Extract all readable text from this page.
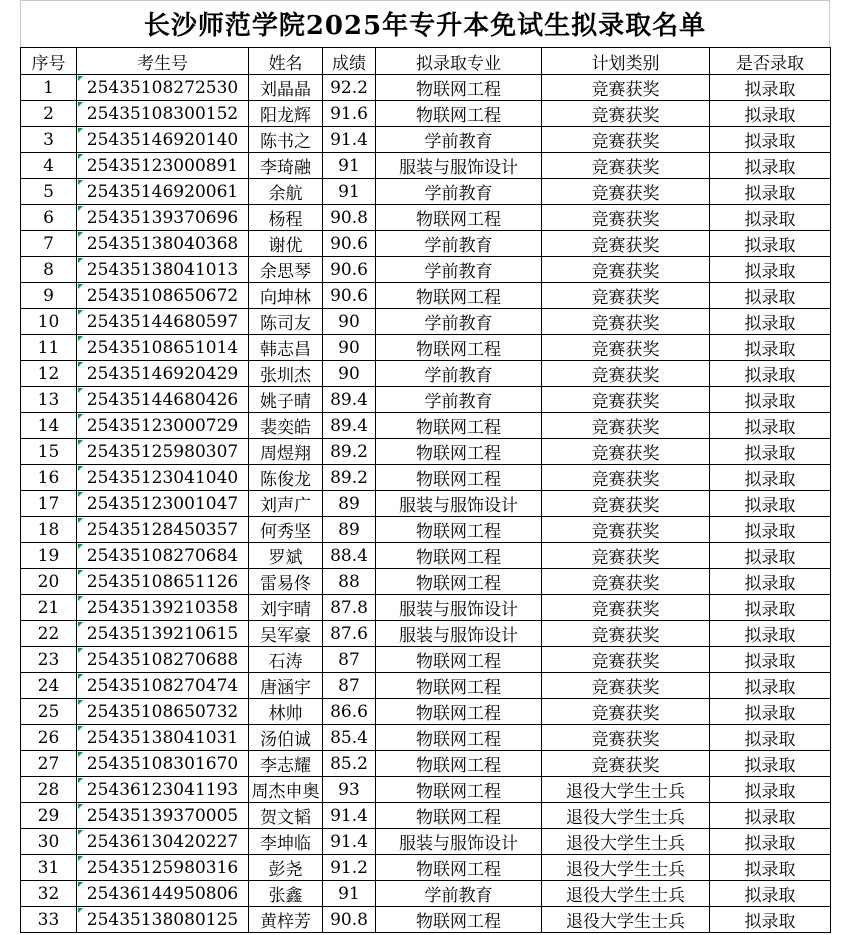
长沙师范学院2025年专升本免试生拟录取名单
序号	考生号	姓名	成绩	拟录取专业	计划类别	是否录取
1	25435108272530	刘晶晶	92.2	物联网工程	竞赛获奖	拟录取
2	25435108300152	阳龙辉	91.6	物联网工程	竞赛获奖	拟录取
3	25435146920140	陈书之	91.4	学前教育	竞赛获奖	拟录取
4	25435123000891	李琦融	91	服装与服饰设计	竞赛获奖	拟录取
5	25435146920061	余航	91	学前教育	竞赛获奖	拟录取
6	25435139370696	杨程	90.8	物联网工程	竞赛获奖	拟录取
7	25435138040368	谢优	90.6	学前教育	竞赛获奖	拟录取
8	25435138041013	余思琴	90.6	学前教育	竞赛获奖	拟录取
9	25435108650672	向坤林	90.6	物联网工程	竞赛获奖	拟录取
10	25435144680597	陈司友	90	学前教育	竞赛获奖	拟录取
11	25435108651014	韩志昌	90	物联网工程	竞赛获奖	拟录取
12	25435146920429	张圳杰	90	学前教育	竞赛获奖	拟录取
13	25435144680426	姚子晴	89.4	学前教育	竞赛获奖	拟录取
14	25435123000729	裴奕皓	89.4	物联网工程	竞赛获奖	拟录取
15	25435125980307	周煜翔	89.2	物联网工程	竞赛获奖	拟录取
16	25435123041040	陈俊龙	89.2	物联网工程	竞赛获奖	拟录取
17	25435123001047	刘声广	89	服装与服饰设计	竞赛获奖	拟录取
18	25435128450357	何秀坚	89	物联网工程	竞赛获奖	拟录取
19	25435108270684	罗斌	88.4	物联网工程	竞赛获奖	拟录取
20	25435108651126	雷易佟	88	物联网工程	竞赛获奖	拟录取
21	25435139210358	刘宇晴	87.8	服装与服饰设计	竞赛获奖	拟录取
22	25435139210615	吴军豪	87.6	服装与服饰设计	竞赛获奖	拟录取
23	25435108270688	石涛	87	物联网工程	竞赛获奖	拟录取
24	25435108270474	唐涵宇	87	物联网工程	竞赛获奖	拟录取
25	25435108650732	林帅	86.6	物联网工程	竞赛获奖	拟录取
26	25435138041031	汤伯诚	85.4	物联网工程	竞赛获奖	拟录取
27	25435108301670	李志耀	85.2	物联网工程	竞赛获奖	拟录取
28	25436123041193	周杰申奥	93	物联网工程	退役大学生士兵	拟录取
29	25435139370005	贺文韬	91.4	物联网工程	退役大学生士兵	拟录取
30	25436130420227	李坤临	91.4	服装与服饰设计	退役大学生士兵	拟录取
31	25435125980316	彭尧	91.2	物联网工程	退役大学生士兵	拟录取
32	25436144950806	张鑫	91	学前教育	退役大学生士兵	拟录取
33	25435138080125	黄梓芳	90.8	物联网工程	退役大学生士兵	拟录取
